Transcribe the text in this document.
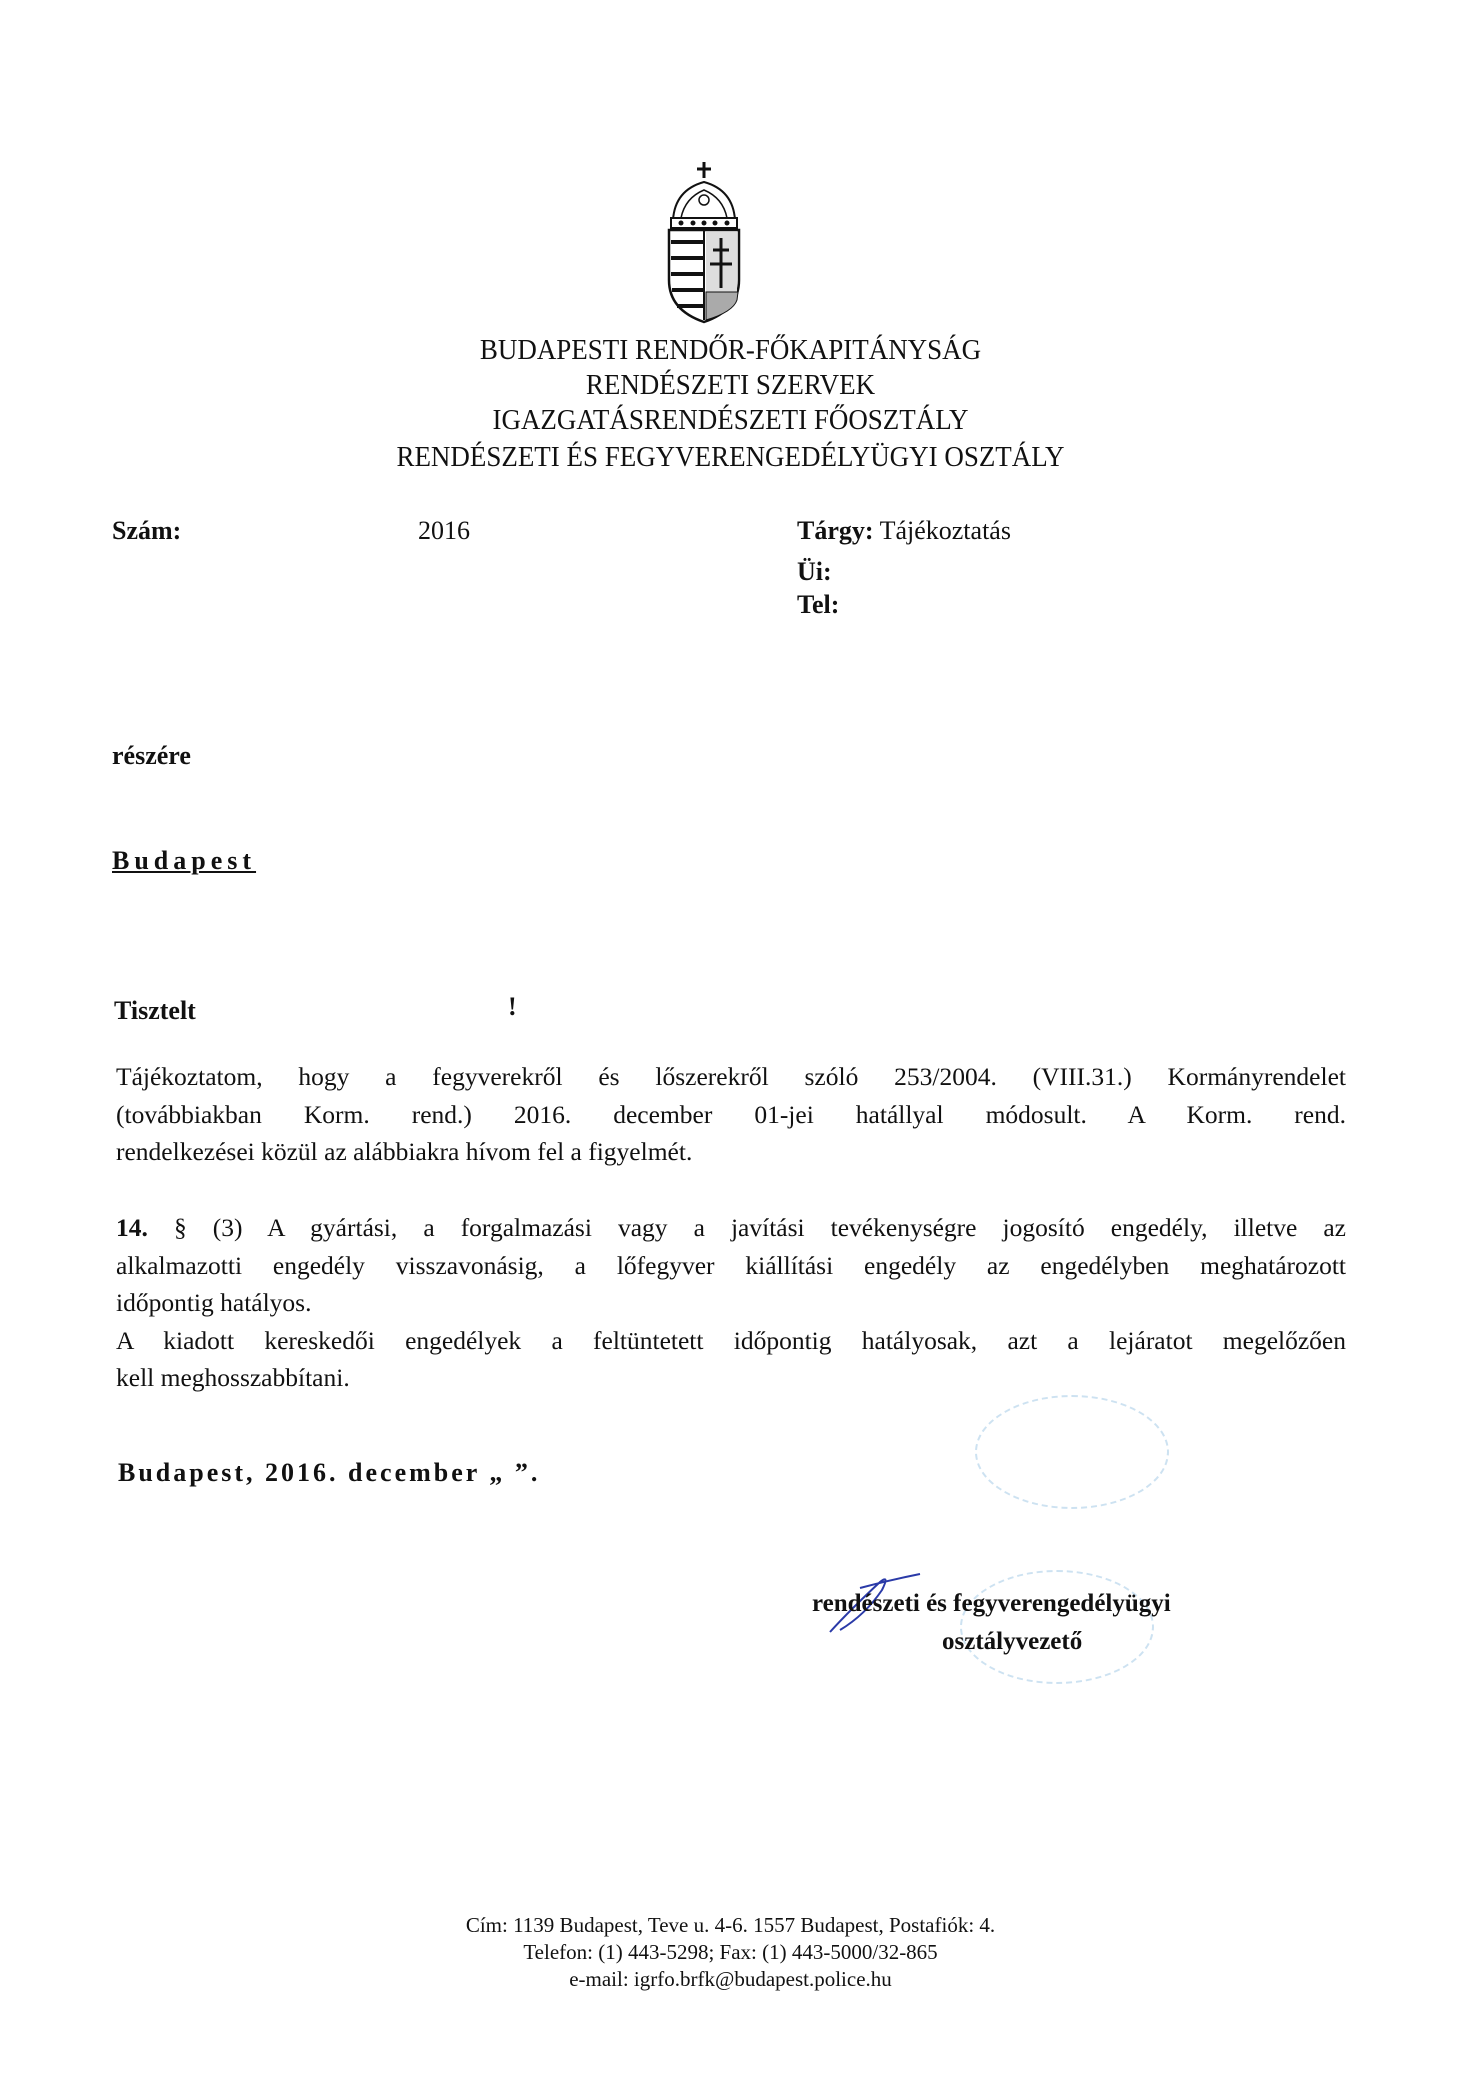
BUDAPESTI RENDŐR-FŐKAPITÁNYSÁG
RENDÉSZETI SZERVEK
IGAZGATÁSRENDÉSZETI FŐOSZTÁLY
RENDÉSZETI ÉS FEGYVERENGEDÉLYÜGYI OSZTÁLY
Szám:	2016	Tárgy: Tájékoztatás
Üi:
Tel:
részére
Budapest
Tisztelt	!
Tájékoztatom, hogy a fegyverekről és lőszerekről szóló 253/2004. (VIII.31.) Kormányrendelet
(továbbiakban Korm. rend.) 2016. december 01-jei hatállyal módosult. A Korm. rend.
rendelkezései közül az alábbiakra hívom fel a figyelmét.
14. § (3) A gyártási, a forgalmazási vagy a javítási tevékenységre jogosító engedély, illetve az
alkalmazotti engedély visszavonásig, a lőfegyver kiállítási engedély az engedélyben meghatározott
időpontig hatályos.
A kiadott kereskedői engedélyek a feltüntetett időpontig hatályosak, azt a lejáratot megelőzően
kell meghosszabbítani.
Budapest, 2016. december „ ”.
rendészeti és fegyverengedélyügyi
osztályvezető
Cím: 1139 Budapest, Teve u. 4-6. 1557 Budapest, Postafiók: 4.
Telefon: (1) 443-5298; Fax: (1) 443-5000/32-865
e-mail: igrfo.brfk@budapest.police.hu
